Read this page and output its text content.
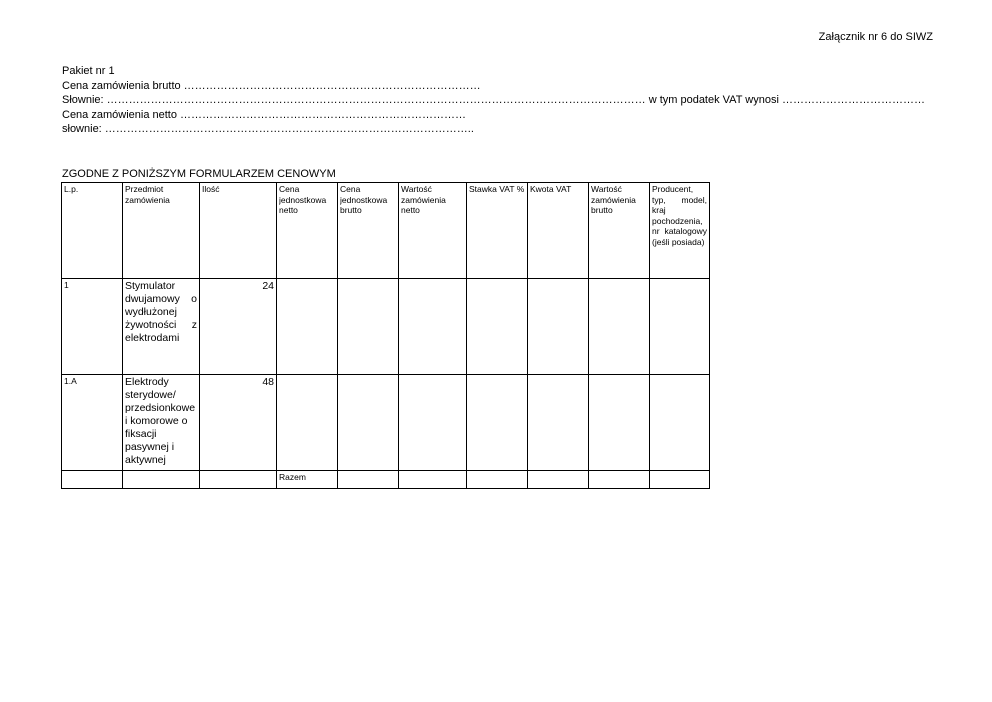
Załącznik nr 6 do SIWZ
Pakiet nr 1
Cena zamówienia brutto ………………………………………………………………………
Słownie: ………………………………………………………………………………………………………………………………… w tym podatek VAT wynosi …………………………………
Cena zamówienia netto ……………………………………………………………………
słownie: ………………………………………………………………………………………..
ZGODNE Z PONIŻSZYM FORMULARZEM CENOWYM
L.p.	Przedmiot zamówienia	Ilość	Cena jednostkowa netto	Cena jednostkowa brutto	Wartość zamówienia netto	Stawka VAT %	Kwota VAT	Wartość zamówienia brutto	Producent, typ, model, kraj pochodzenia, nr katalogowy (jeśli posiada)

1	Stymulator dwujamowy o wydłużonej żywotności z elektrodami	24							
1.A	Elektrody sterydowe/ przedsionkowe i komorowe o fiksacji pasywnej i aktywnej	48							
			Razem						
